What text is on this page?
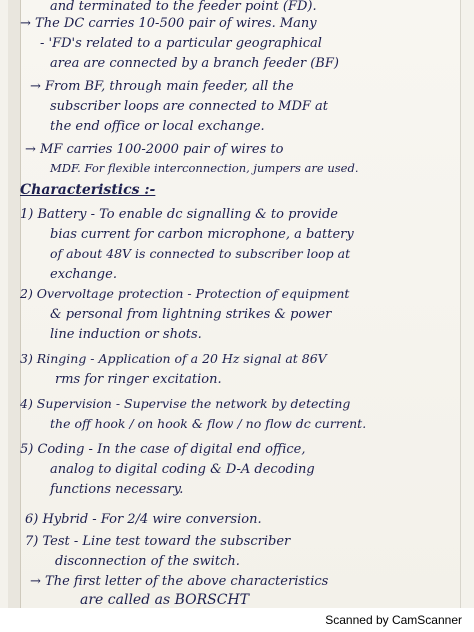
and terminated to the feeder point (FD).
→ The DC carries 10-500 pair of wires. Many
- 'FD's related to a particular geographical
area are connected by a branch feeder (BF)
→ From BF, through main feeder, all the
subscriber loops are connected to MDF at
the end office or local exchange.
→ MF carries 100-2000 pair of wires to
MDF. For flexible interconnection, jumpers are used.
Characteristics :-
1) Battery - To enable dc signalling & to provide
bias current for carbon microphone, a battery
of about 48V is connected to subscriber loop at
exchange.
2) Overvoltage protection - Protection of equipment
& personal from lightning strikes & power
line induction or shots.
3) Ringing - Application of a 20 Hz signal at 86V
rms for ringer excitation.
4) Supervision - Supervise the network by detecting
the off hook / on hook & flow / no flow dc current.
5) Coding - In the case of digital end office,
analog to digital coding & D-A decoding
functions necessary.
6) Hybrid - For 2/4 wire conversion.
7) Test - Line test toward the subscriber
disconnection of the switch.
→ The first letter of the above characteristics
are called as BORSCHT
Scanned by CamScanner
